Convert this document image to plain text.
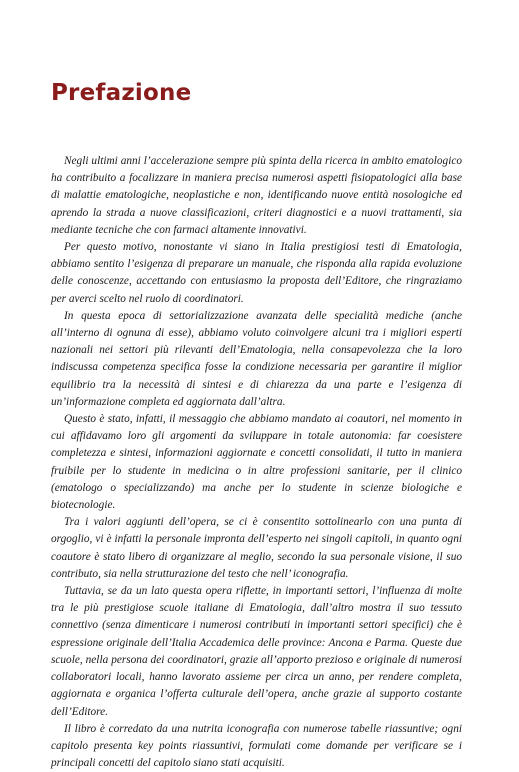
Prefazione

Negli ultimi anni l’accelerazione sempre più spinta della ricerca in ambito ematologico ha contribuito a focalizzare in maniera precisa numerosi aspetti fisiopatologici alla base di malattie ematologiche, neoplastiche e non, identificando nuove entità nosologiche ed aprendo la strada a nuove classificazioni, criteri diagnostici e a nuovi trattamenti, sia mediante tecniche che con farmaci altamente innovativi.

Per questo motivo, nonostante vi siano in Italia prestigiosi testi di Ematologia, abbiamo sentito l’esigenza di preparare un manuale, che risponda alla rapida evoluzione delle conoscenze, accettando con entusiasmo la proposta dell’Editore, che ringraziamo per averci scelto nel ruolo di coordinatori.

In questa epoca di settorializzazione avanzata delle specialità mediche (anche all’interno di ognuna di esse), abbiamo voluto coinvolgere alcuni tra i migliori esperti nazionali nei settori più rilevanti dell’Ematologia, nella consapevolezza che la loro indiscussa competenza specifica fosse la condizione necessaria per garantire il miglior equilibrio tra la necessità di sintesi e di chiarezza da una parte e l’esigenza di un’informazione completa ed aggiornata dall’altra.

Questo è stato, infatti, il messaggio che abbiamo mandato ai coautori, nel momento in cui affidavamo loro gli argomenti da sviluppare in totale autonomia: far coesistere completezza e sintesi, informazioni aggiornate e concetti consolidati, il tutto in maniera fruibile per lo studente in medicina o in altre professioni sanitarie, per il clinico (ematologo o specializzando) ma anche per lo studente in scienze biologiche e biotecnologie.

Tra i valori aggiunti dell’opera, se ci è consentito sottolinearlo con una punta di orgoglio, vi è infatti la personale impronta dell’esperto nei singoli capitoli, in quanto ogni coautore è stato libero di organizzare al meglio, secondo la sua personale visione, il suo contributo, sia nella strutturazione del testo che nell’ iconografia.

Tuttavia, se da un lato questa opera riflette, in importanti settori, l’influenza di molte tra le più prestigiose scuole italiane di Ematologia, dall’altro mostra il suo tessuto connettivo (senza dimenticare i numerosi contributi in importanti settori specifici) che è espressione originale dell’Italia Accademica delle province: Ancona e Parma. Queste due scuole, nella persona dei coordinatori, grazie all’apporto prezioso e originale di numerosi collaboratori locali, hanno lavorato assieme per circa un anno, per rendere completa, aggiornata e organica l’offerta culturale dell’opera, anche grazie al supporto costante dell’Editore.

Il libro è corredato da una nutrita iconografia con numerose tabelle riassuntive; ogni capitolo presenta key points riassuntivi, formulati come domande per verificare se i principali concetti del capitolo siano stati acquisiti.
